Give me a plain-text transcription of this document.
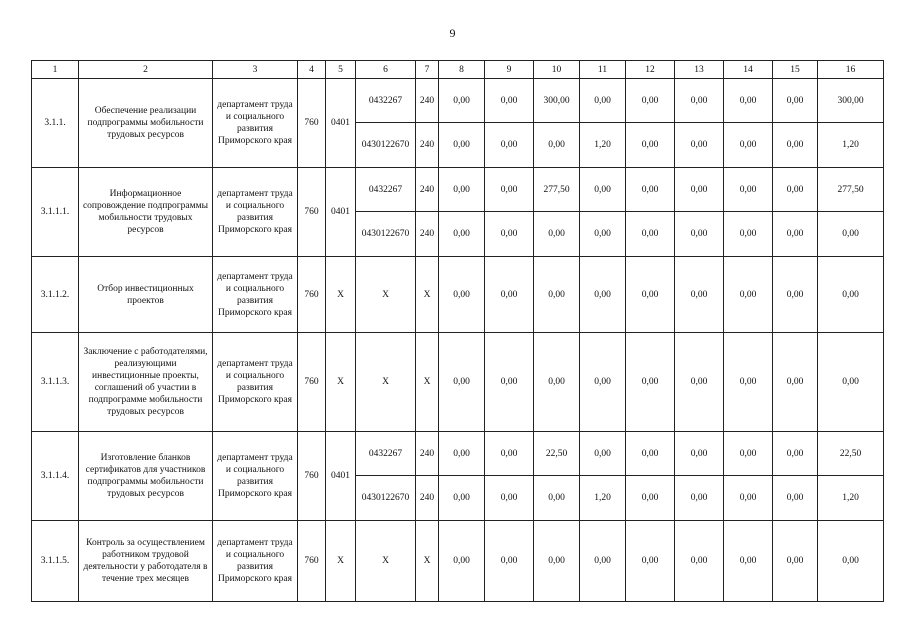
9
1	2	3	4	5	6	7	8	9	10	11	12	13	14	15	16
3.1.1.	Обеспечение реализации подпрограммы мобильности трудовых ресурсов	департамент труда и социального развития Приморского края	760	0401	0432267	240	0,00	0,00	300,00	0,00	0,00	0,00	0,00	0,00	300,00
					0430122670	240	0,00	0,00	0,00	1,20	0,00	0,00	0,00	0,00	1,20
3.1.1.1.	Информационное сопровождение подпрограммы мобильности трудовых ресурсов	департамент труда и социального развития Приморского края	760	0401	0432267	240	0,00	0,00	277,50	0,00	0,00	0,00	0,00	0,00	277,50
					0430122670	240	0,00	0,00	0,00	0,00	0,00	0,00	0,00	0,00	0,00
3.1.1.2.	Отбор инвестиционных проектов	департамент труда и социального развития Приморского края	760	X	X	X	0,00	0,00	0,00	0,00	0,00	0,00	0,00	0,00	0,00
3.1.1.3.	Заключение с работодателями, реализующими инвестиционные проекты, соглашений об участии в подпрограмме мобильности трудовых ресурсов	департамент труда и социального развития Приморского края	760	X	X	X	0,00	0,00	0,00	0,00	0,00	0,00	0,00	0,00	0,00
3.1.1.4.	Изготовление бланков сертификатов для участников подпрограммы мобильности трудовых ресурсов	департамент труда и социального развития Приморского края	760	0401	0432267	240	0,00	0,00	22,50	0,00	0,00	0,00	0,00	0,00	22,50
					0430122670	240	0,00	0,00	0,00	1,20	0,00	0,00	0,00	0,00	1,20
3.1.1.5.	Контроль за осуществлением работником трудовой деятельности у работодателя в течение трех месяцев	департамент труда и социального развития Приморского края	760	X	X	X	0,00	0,00	0,00	0,00	0,00	0,00	0,00	0,00	0,00
